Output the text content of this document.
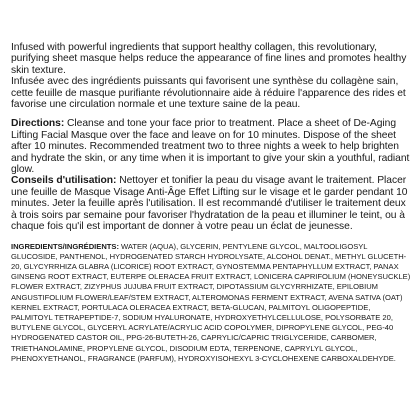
Infused with powerful ingredients that support healthy collagen, this revolutionary, purifying sheet masque helps reduce the appearance of fine lines and promotes healthy skin texture.

Infusée avec des ingrédients puissants qui favorisent une synthèse du collagène sain, cette feuille de masque purifiante révolutionnaire aide à réduire l'apparence des rides et favorise une circulation normale et une texture saine de la peau.

Directions: Cleanse and tone your face prior to treatment. Place a sheet of De-Aging Lifting Facial Masque over the face and leave on for 10 minutes. Dispose of the sheet after 10 minutes. Recommended treatment two to three nights a week to help brighten and hydrate the skin, or any time when it is important to give your skin a youthful, radiant glow.

Conseils d'utilisation: Nettoyer et tonifier la peau du visage avant le traitement. Placer une feuille de Masque Visage Anti-Âge Effet Lifting sur le visage et le garder pendant 10 minutes. Jeter la feuille après l'utilisation. Il est recommandé d'utiliser le traitement deux à trois soirs par semaine pour favoriser l'hydratation de la peau et illuminer le teint, ou à chaque fois qu'il est important de donner à votre peau un éclat de jeunesse.

INGREDIENTS/INGRÉDIENTS: WATER (AQUA), GLYCERIN, PENTYLENE GLYCOL, MALTOOLIGOSYL GLUCOSIDE, PANTHENOL, HYDROGENATED STARCH HYDROLYSATE, ALCOHOL DENAT., METHYL GLUCETH-20, GLYCYRRHIZA GLABRA (LICORICE) ROOT EXTRACT, GYNOSTEMMA PENTAPHYLLUM EXTRACT, PANAX GINSENG ROOT EXTRACT, EUTERPE OLERACEA FRUIT EXTRACT, LONICERA CAPRIFOLIUM (HONEYSUCKLE) FLOWER EXTRACT, ZIZYPHUS JUJUBA FRUIT EXTRACT, DIPOTASSIUM GLYCYRRHIZATE, EPILOBIUM ANGUSTIFOLIUM FLOWER/LEAF/STEM EXTRACT, ALTEROMONAS FERMENT EXTRACT, AVENA SATIVA (OAT) KERNEL EXTRACT, PORTULACA OLERACEA EXTRACT, BETA-GLUCAN, PALMITOYL OLIGOPEPTIDE, PALMITOYL TETRAPEPTIDE-7, SODIUM HYALURONATE, HYDROXYETHYLCELLULOSE, POLYSORBATE 20, BUTYLENE GLYCOL, GLYCERYL ACRYLATE/ACRYLIC ACID COPOLYMER, DIPROPYLENE GLYCOL, PEG-40 HYDROGENATED CASTOR OIL, PPG-26-BUTETH-26, CAPRYLIC/CAPRIC TRIGLYCERIDE, CARBOMER, TRIETHANOLAMINE, PROPYLENE GLYCOL, DISODIUM EDTA, TERPENONE, CAPRYLYL GLYCOL, PHENOXYETHANOL, FRAGRANCE (PARFUM), HYDROXYISOHEXYL 3-CYCLOHEXENE CARBOXALDEHYDE.
